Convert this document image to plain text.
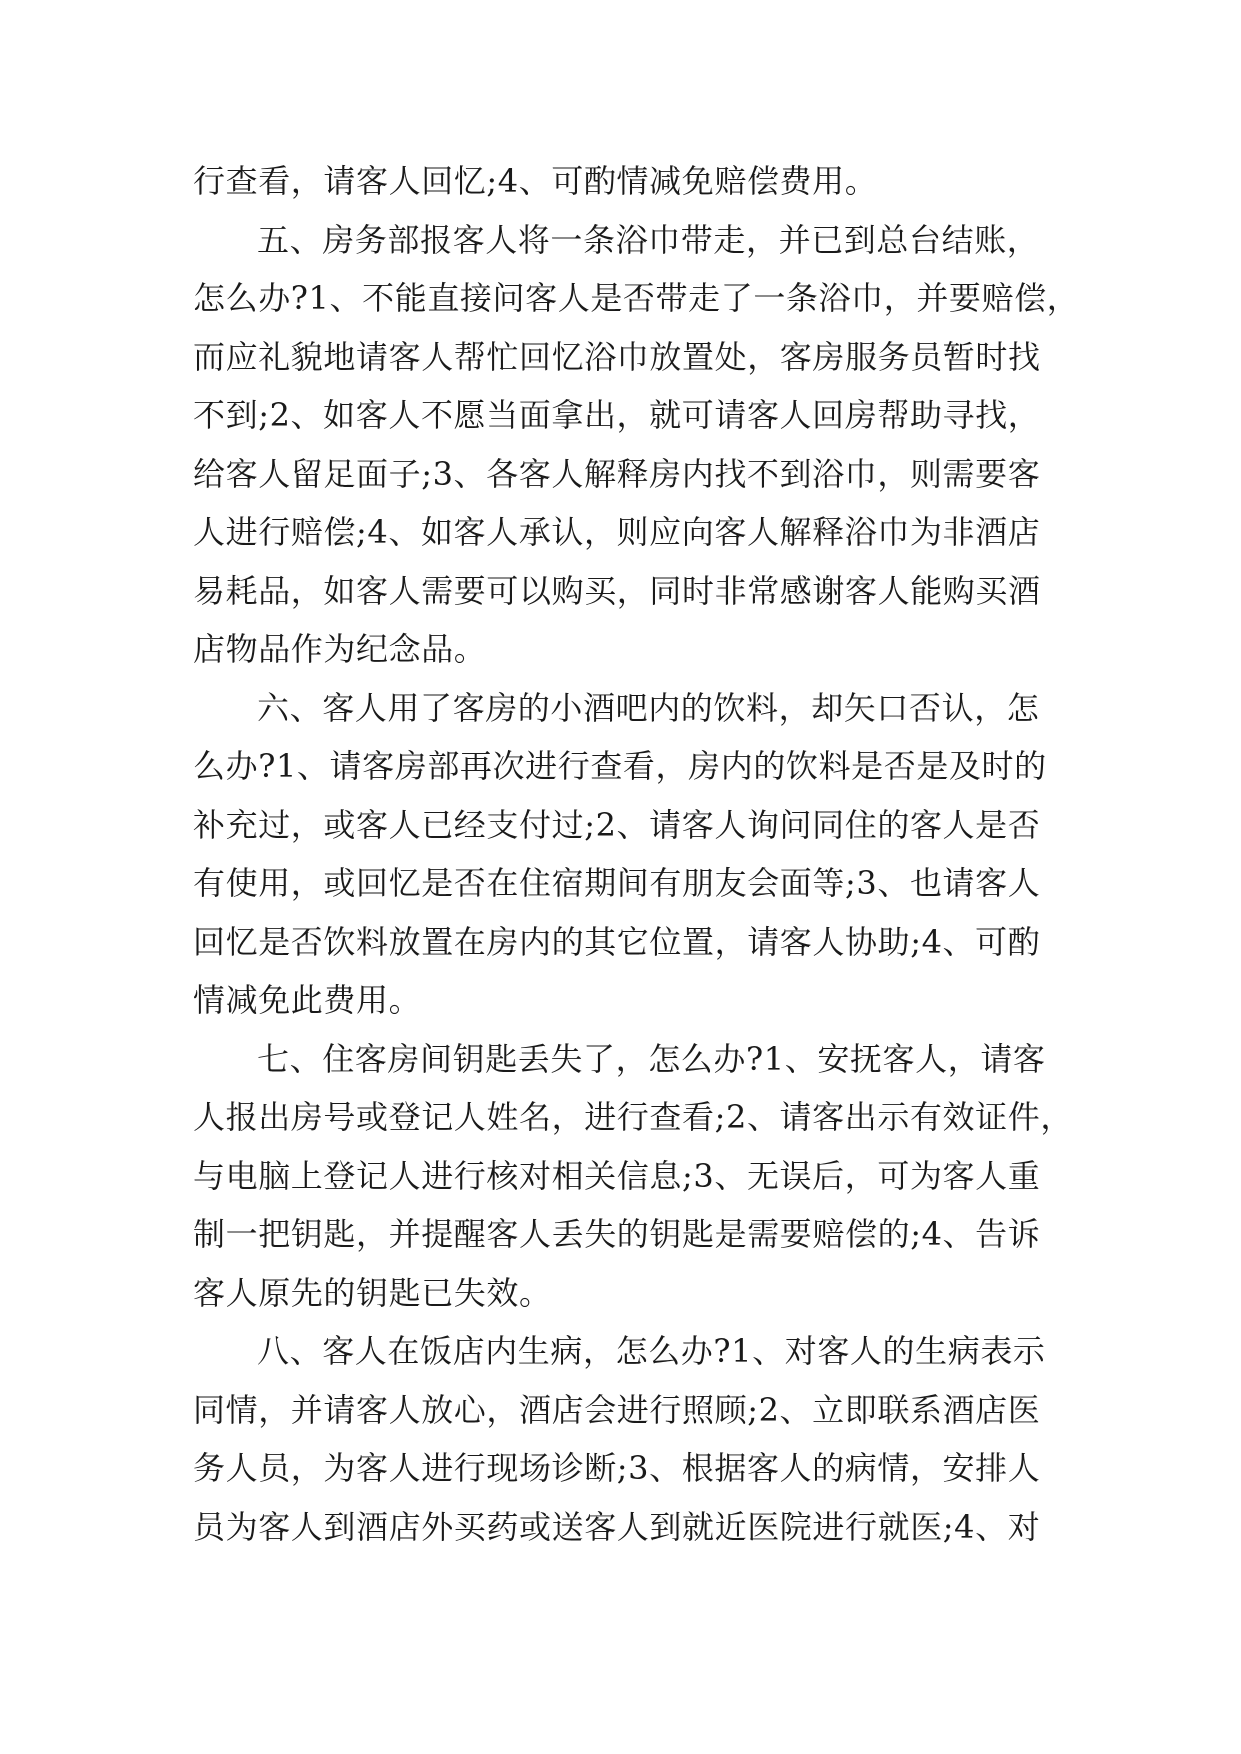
行查看，请客人回忆;4、可酌情减免赔偿费用。
五、房务部报客人将一条浴巾带走，并已到总台结账，
怎么办?1、不能直接问客人是否带走了一条浴巾，并要赔偿，
而应礼貌地请客人帮忙回忆浴巾放置处，客房服务员暂时找
不到;2、如客人不愿当面拿出，就可请客人回房帮助寻找，
给客人留足面子;3、各客人解释房内找不到浴巾，则需要客
人进行赔偿;4、如客人承认，则应向客人解释浴巾为非酒店
易耗品，如客人需要可以购买，同时非常感谢客人能购买酒
店物品作为纪念品。
六、客人用了客房的小酒吧内的饮料，却矢口否认，怎
么办?1、请客房部再次进行查看，房内的饮料是否是及时的
补充过，或客人已经支付过;2、请客人询问同住的客人是否
有使用，或回忆是否在住宿期间有朋友会面等;3、也请客人
回忆是否饮料放置在房内的其它位置，请客人协助;4、可酌
情减免此费用。
七、住客房间钥匙丢失了，怎么办?1、安抚客人，请客
人报出房号或登记人姓名，进行查看;2、请客出示有效证件，
与电脑上登记人进行核对相关信息;3、无误后，可为客人重
制一把钥匙，并提醒客人丢失的钥匙是需要赔偿的;4、告诉
客人原先的钥匙已失效。
八、客人在饭店内生病，怎么办?1、对客人的生病表示
同情，并请客人放心，酒店会进行照顾;2、立即联系酒店医
务人员，为客人进行现场诊断;3、根据客人的病情，安排人
员为客人到酒店外买药或送客人到就近医院进行就医;4、对
